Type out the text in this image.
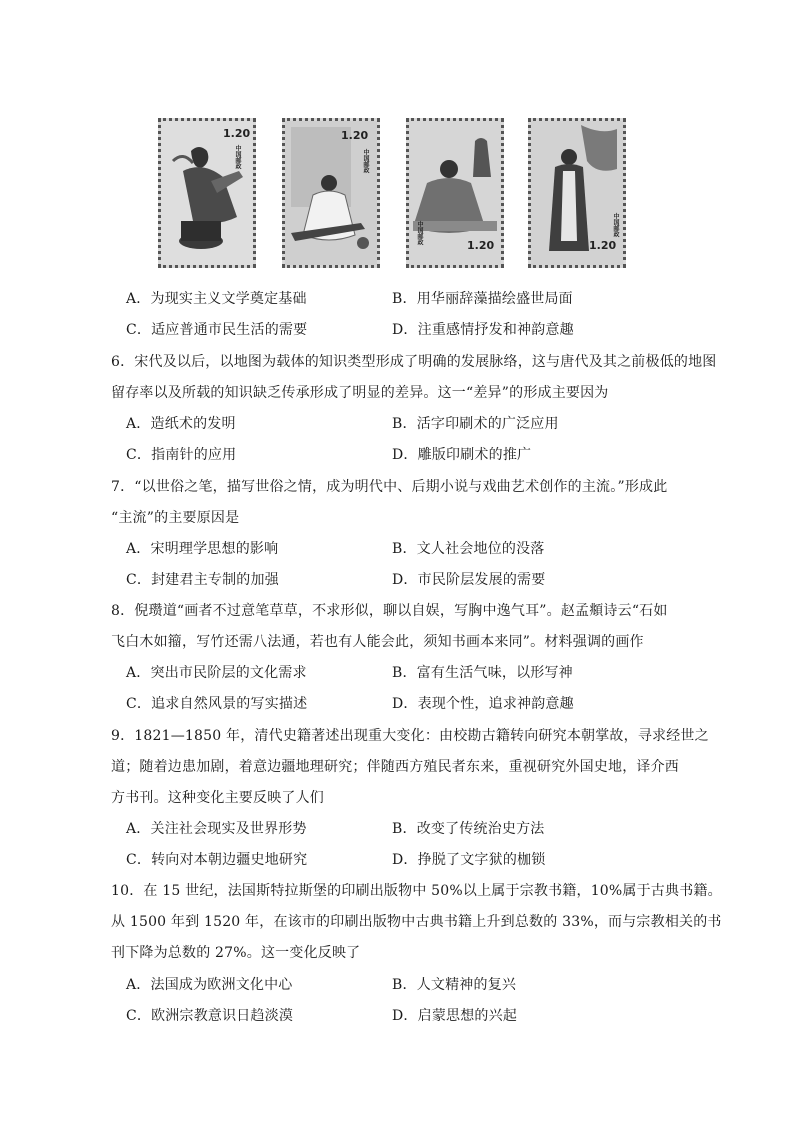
1.20
中国邮政
1.20
中国邮政
1.20
中国邮政
1.20
中国邮政
A．为现实主义文学奠定基础	B．用华丽辞藻描绘盛世局面
C．适应普通市民生活的需要	D．注重感情抒发和神韵意趣
6．宋代及以后，以地图为载体的知识类型形成了明确的发展脉络，这与唐代及其之前极低的地图
留存率以及所载的知识缺乏传承形成了明显的差异。这一“差异”的形成主要因为
A．造纸术的发明	B．活字印刷术的广泛应用
C．指南针的应用	D．雕版印刷术的推广
7．“以世俗之笔，描写世俗之情，成为明代中、后期小说与戏曲艺术创作的主流。”形成此
“主流”的主要原因是
A．宋明理学思想的影响	B．文人社会地位的没落
C．封建君主专制的加强	D．市民阶层发展的需要
8．倪瓒道“画者不过意笔草草，不求形似，聊以自娱，写胸中逸气耳”。赵孟頫诗云“石如
飞白木如籀，写竹还需八法通，若也有人能会此，须知书画本来同”。材料强调的画作
A．突出市民阶层的文化需求	B．富有生活气味，以形写神
C．追求自然风景的写实描述	D．表现个性，追求神韵意趣
9．1821—1850 年，清代史籍著述出现重大变化：由校勘古籍转向研究本朝掌故，寻求经世之
道；随着边患加剧，着意边疆地理研究；伴随西方殖民者东来，重视研究外国史地，译介西
方书刊。这种变化主要反映了人们
A．关注社会现实及世界形势	B．改变了传统治史方法
C．转向对本朝边疆史地研究	D．挣脱了文字狱的枷锁
10．在 15 世纪，法国斯特拉斯堡的印刷出版物中 50%以上属于宗教书籍，10%属于古典书籍。
从 1500 年到 1520 年，在该市的印刷出版物中古典书籍上升到总数的 33%，而与宗教相关的书
刊下降为总数的 27%。这一变化反映了
A．法国成为欧洲文化中心	B．人文精神的复兴
C．欧洲宗教意识日趋淡漠	D．启蒙思想的兴起
